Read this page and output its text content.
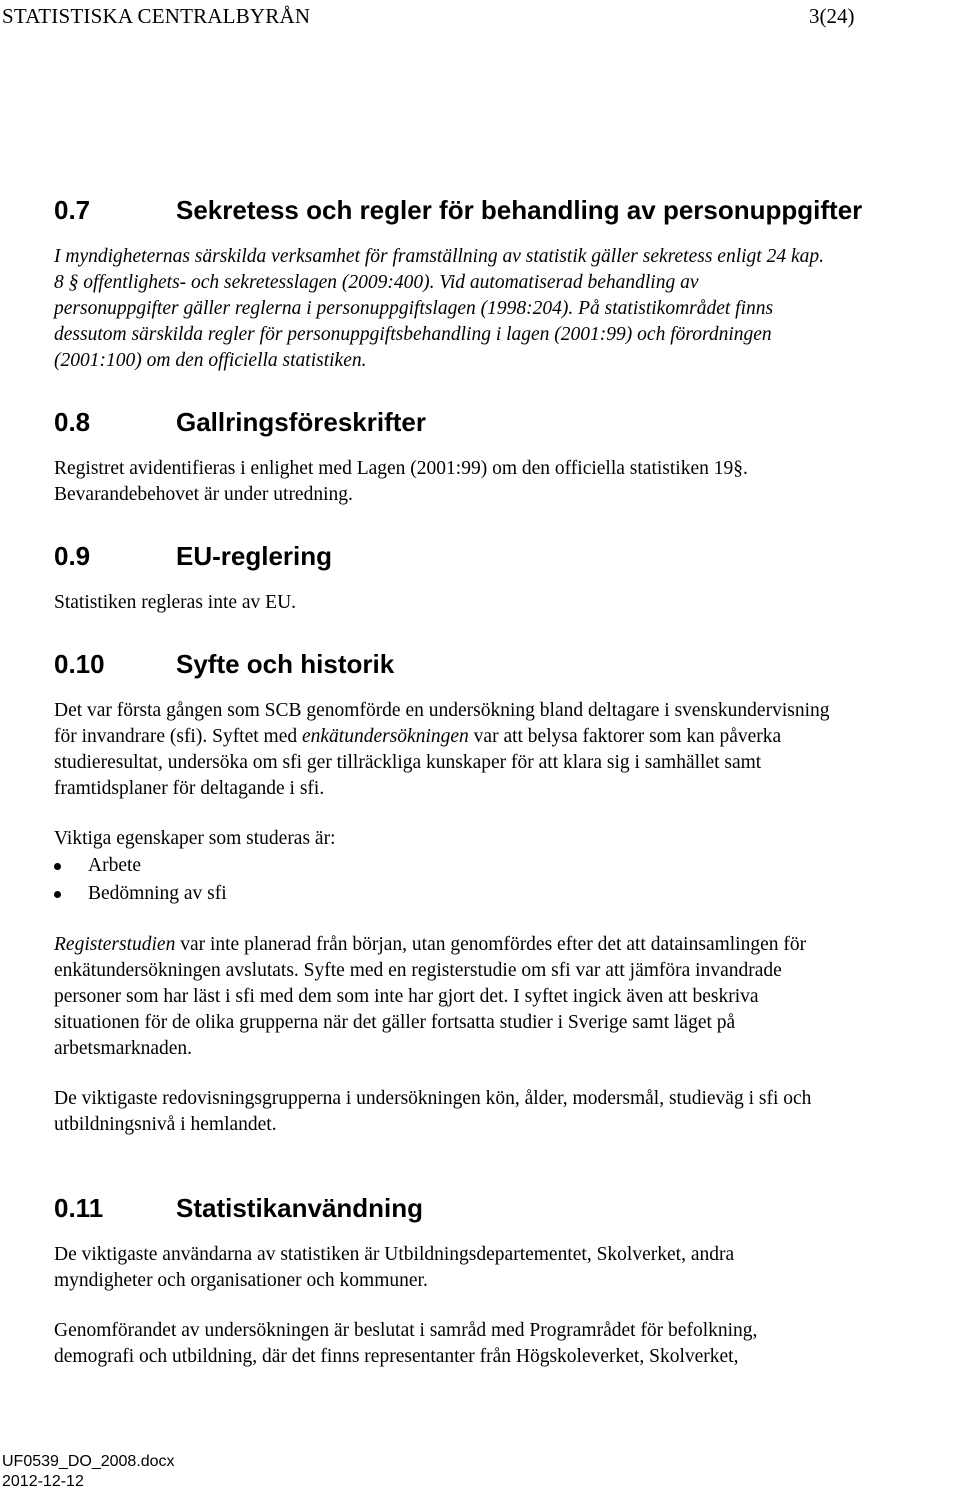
STATISTISKA CENTRALBYRÅN	3(24)
0.7	Sekretess och regler för behandling av personuppgifter

I myndigheternas särskilda verksamhet för framställning av statistik gäller sekretess enligt 24 kap.
8 § offentlighets- och sekretesslagen (2009:400). Vid automatiserad behandling av
personuppgifter gäller reglerna i personuppgiftslagen (1998:204). På statistikområdet finns
dessutom särskilda regler för personuppgiftsbehandling i lagen (2001:99) och förordningen
(2001:100) om den officiella statistiken.

0.8	Gallringsföreskrifter

Registret avidentifieras i enlighet med Lagen (2001:99) om den officiella statistiken 19§.
Bevarandebehovet är under utredning.

0.9	EU-reglering

Statistiken regleras inte av EU.

0.10	Syfte och historik

Det var första gången som SCB genomförde en undersökning bland deltagare i svenskundervisning
för invandrare (sfi). Syftet med enkätundersökningen var att belysa faktorer som kan påverka
studieresultat, undersöka om sfi ger tillräckliga kunskaper för att klara sig i samhället samt
framtidsplaner för deltagande i sfi.

Viktiga egenskaper som studeras är:

Arbete
Bedömning av sfi

Registerstudien var inte planerad från början, utan genomfördes efter det att datainsamlingen för
enkätundersökningen avslutats. Syfte med en registerstudie om sfi var att jämföra invandrade
personer som har läst i sfi med dem som inte har gjort det. I syftet ingick även att beskriva
situationen för de olika grupperna när det gäller fortsatta studier i Sverige samt läget på
arbetsmarknaden.

De viktigaste redovisningsgrupperna i undersökningen kön, ålder, modersmål, studieväg i sfi och
utbildningsnivå i hemlandet.

0.11	Statistikanvändning

De viktigaste användarna av statistiken är Utbildningsdepartementet, Skolverket, andra
myndigheter och organisationer och kommuner.

Genomförandet av undersökningen är beslutat i samråd med Programrådet för befolkning,
demografi och utbildning, där det finns representanter från Högskoleverket, Skolverket,

UF0539_DO_2008.docx
2012-12-12
